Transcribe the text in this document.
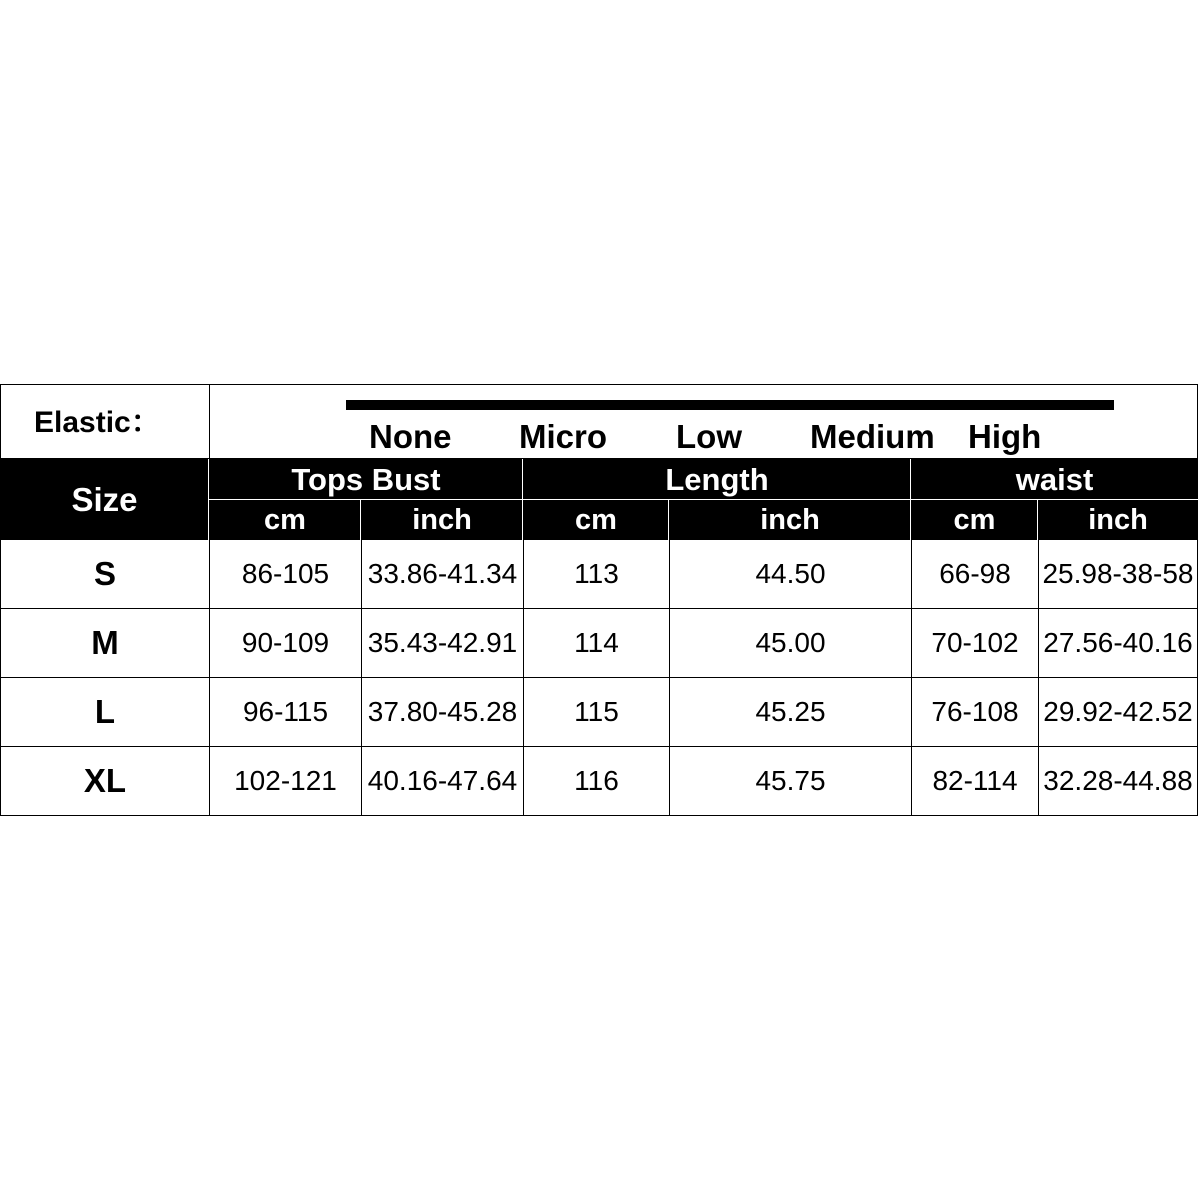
Elastic：	None Micro Low Medium High
Size
Tops Bust	Length	waist
cm	inch	cm	inch	cm	inch
S	86-105	33.86-41.34	113	44.50	66-98	25.98-38-58
M	90-109	35.43-42.91	114	45.00	70-102 27.56-40.16
L	96-115	37.80-45.28	115	45.25	76-108 29.92-42.52
XL	102-121	40.16-47.64	116	45.75	82-114 32.28-44.88
